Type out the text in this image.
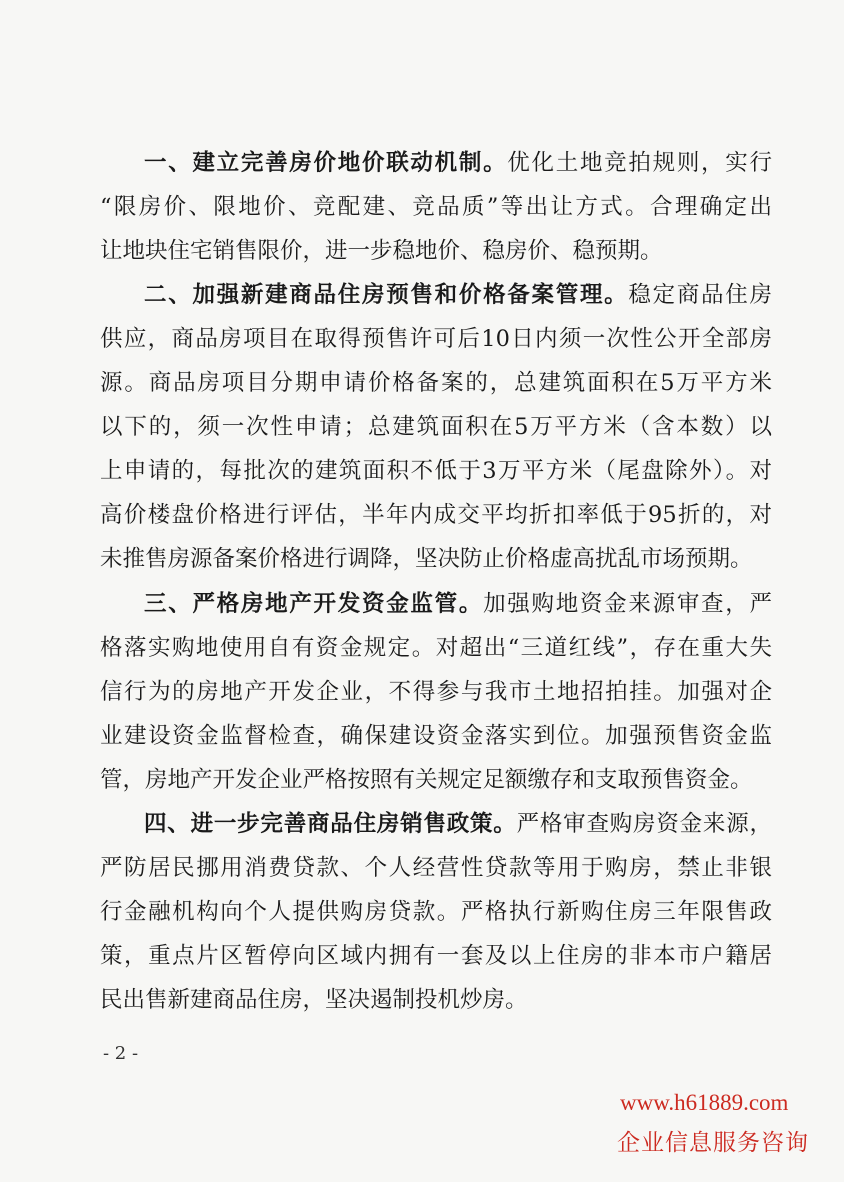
一、建立完善房价地价联动机制。优化土地竞拍规则，实行
“限房价、限地价、竞配建、竞品质”等出让方式。合理确定出
让地块住宅销售限价，进一步稳地价、稳房价、稳预期。

二、加强新建商品住房预售和价格备案管理。稳定商品住房
供应，商品房项目在取得预售许可后10日内须一次性公开全部房
源。商品房项目分期申请价格备案的，总建筑面积在5万平方米
以下的，须一次性申请；总建筑面积在5万平方米（含本数）以
上申请的，每批次的建筑面积不低于3万平方米（尾盘除外）。对
高价楼盘价格进行评估，半年内成交平均折扣率低于95折的，对
未推售房源备案价格进行调降，坚决防止价格虚高扰乱市场预期。

三、严格房地产开发资金监管。加强购地资金来源审查，严
格落实购地使用自有资金规定。对超出“三道红线”，存在重大失
信行为的房地产开发企业，不得参与我市土地招拍挂。加强对企
业建设资金监督检查，确保建设资金落实到位。加强预售资金监
管，房地产开发企业严格按照有关规定足额缴存和支取预售资金。

四、进一步完善商品住房销售政策。严格审查购房资金来源，
严防居民挪用消费贷款、个人经营性贷款等用于购房，禁止非银
行金融机构向个人提供购房贷款。严格执行新购住房三年限售政
策，重点片区暂停向区域内拥有一套及以上住房的非本市户籍居
民出售新建商品住房，坚决遏制投机炒房。

- 2 -
www.h61889.com
企业信息服务咨询
